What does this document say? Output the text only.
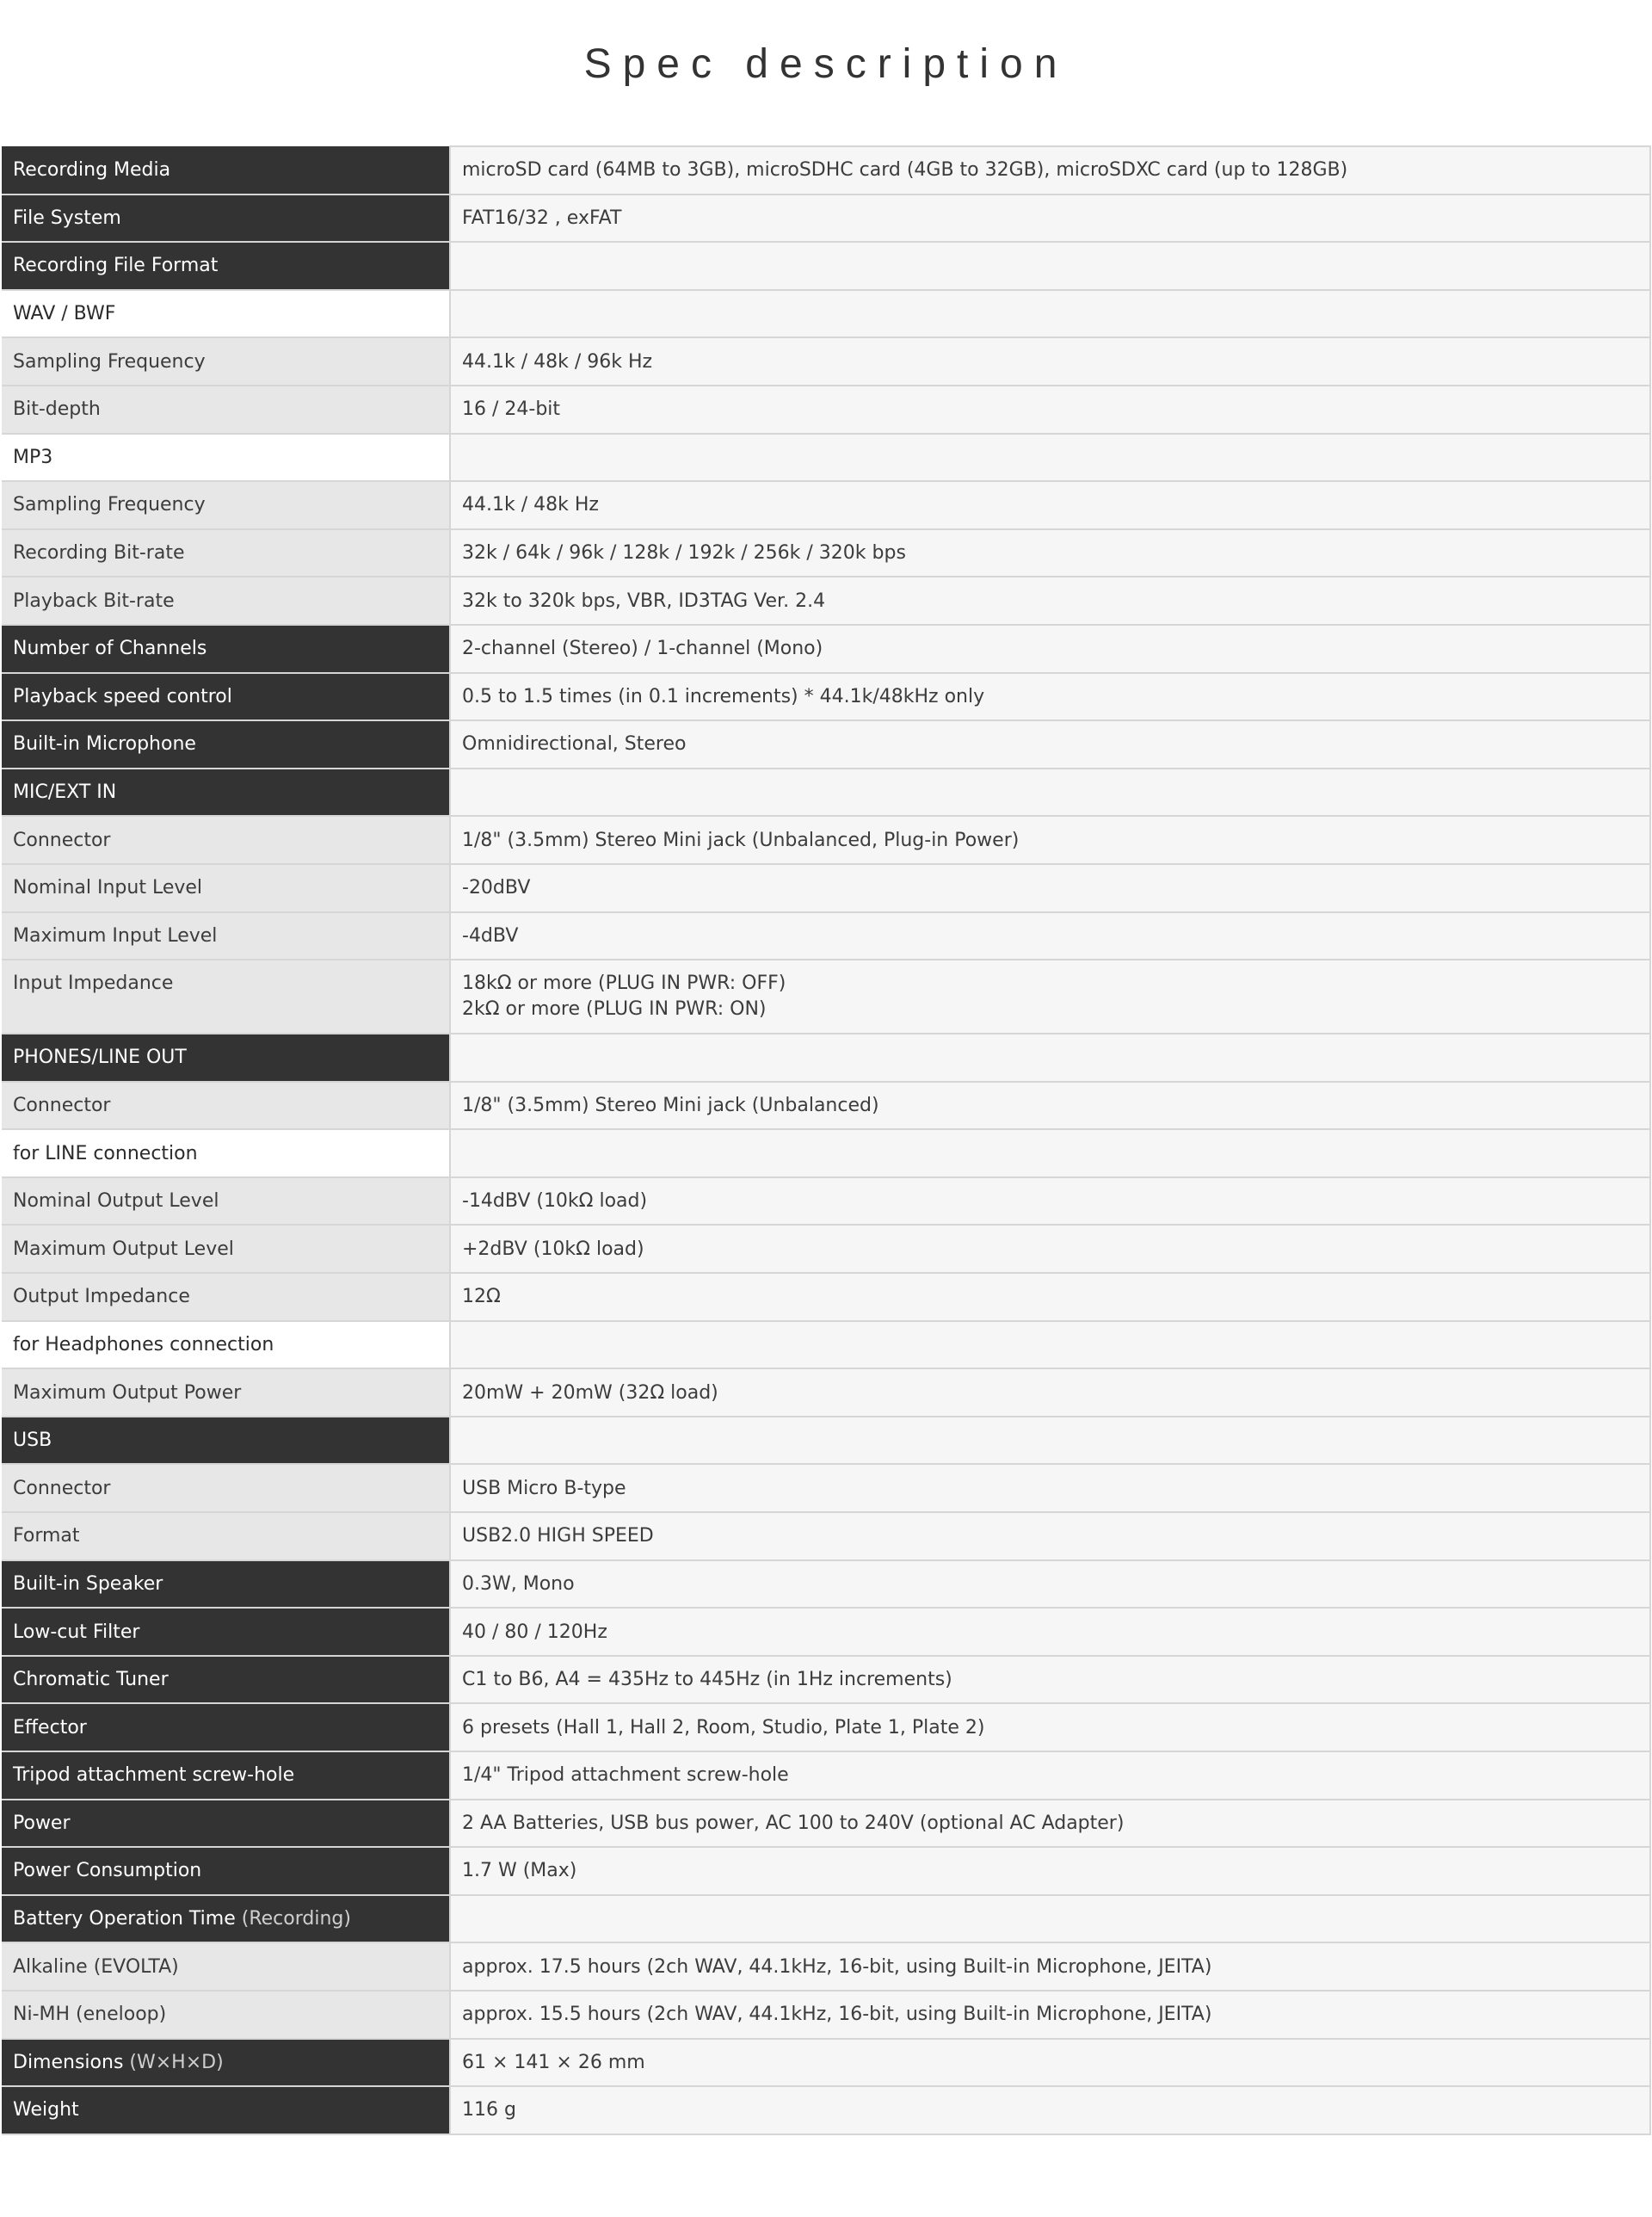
Spec description
Recording Media	microSD card (64MB to 3GB), microSDHC card (4GB to 32GB), microSDXC card (up to 128GB)
File System	FAT16/32 , exFAT
Recording File Format	
WAV / BWF	
Sampling Frequency	44.1k / 48k / 96k Hz
Bit-depth	16 / 24-bit
MP3	
Sampling Frequency	44.1k / 48k Hz
Recording Bit-rate	32k / 64k / 96k / 128k / 192k / 256k / 320k bps
Playback Bit-rate	32k to 320k bps, VBR, ID3TAG Ver. 2.4
Number of Channels	2-channel (Stereo) / 1-channel (Mono)
Playback speed control	0.5 to 1.5 times (in 0.1 increments) * 44.1k/48kHz only
Built-in Microphone	Omnidirectional, Stereo
MIC/EXT IN	
Connector	1/8" (3.5mm) Stereo Mini jack (Unbalanced, Plug-in Power)
Nominal Input Level	-20dBV
Maximum Input Level	-4dBV
Input Impedance	18kΩ or more (PLUG IN PWR: OFF)
2kΩ or more (PLUG IN PWR: ON)

PHONES/LINE OUT	
Connector	1/8" (3.5mm) Stereo Mini jack (Unbalanced)
for LINE connection	
Nominal Output Level	-14dBV (10kΩ load)
Maximum Output Level	+2dBV (10kΩ load)
Output Impedance	12Ω
for Headphones connection	
Maximum Output Power	20mW + 20mW (32Ω load)
USB	
Connector	USB Micro B-type
Format	USB2.0 HIGH SPEED
Built-in Speaker	0.3W, Mono
Low-cut Filter	40 / 80 / 120Hz
Chromatic Tuner	C1 to B6, A4 = 435Hz to 445Hz (in 1Hz increments)
Effector	6 presets (Hall 1, Hall 2, Room, Studio, Plate 1, Plate 2)
Tripod attachment screw-hole	1/4" Tripod attachment screw-hole
Power	2 AA Batteries, USB bus power, AC 100 to 240V (optional AC Adapter)
Power Consumption	1.7 W (Max)
Battery Operation Time (Recording)	
Alkaline (EVOLTA)	approx. 17.5 hours (2ch WAV, 44.1kHz, 16-bit, using Built-in Microphone, JEITA)
Ni-MH (eneloop)	approx. 15.5 hours (2ch WAV, 44.1kHz, 16-bit, using Built-in Microphone, JEITA)
Dimensions (W×H×D)	61 × 141 × 26 mm
Weight	116 g
